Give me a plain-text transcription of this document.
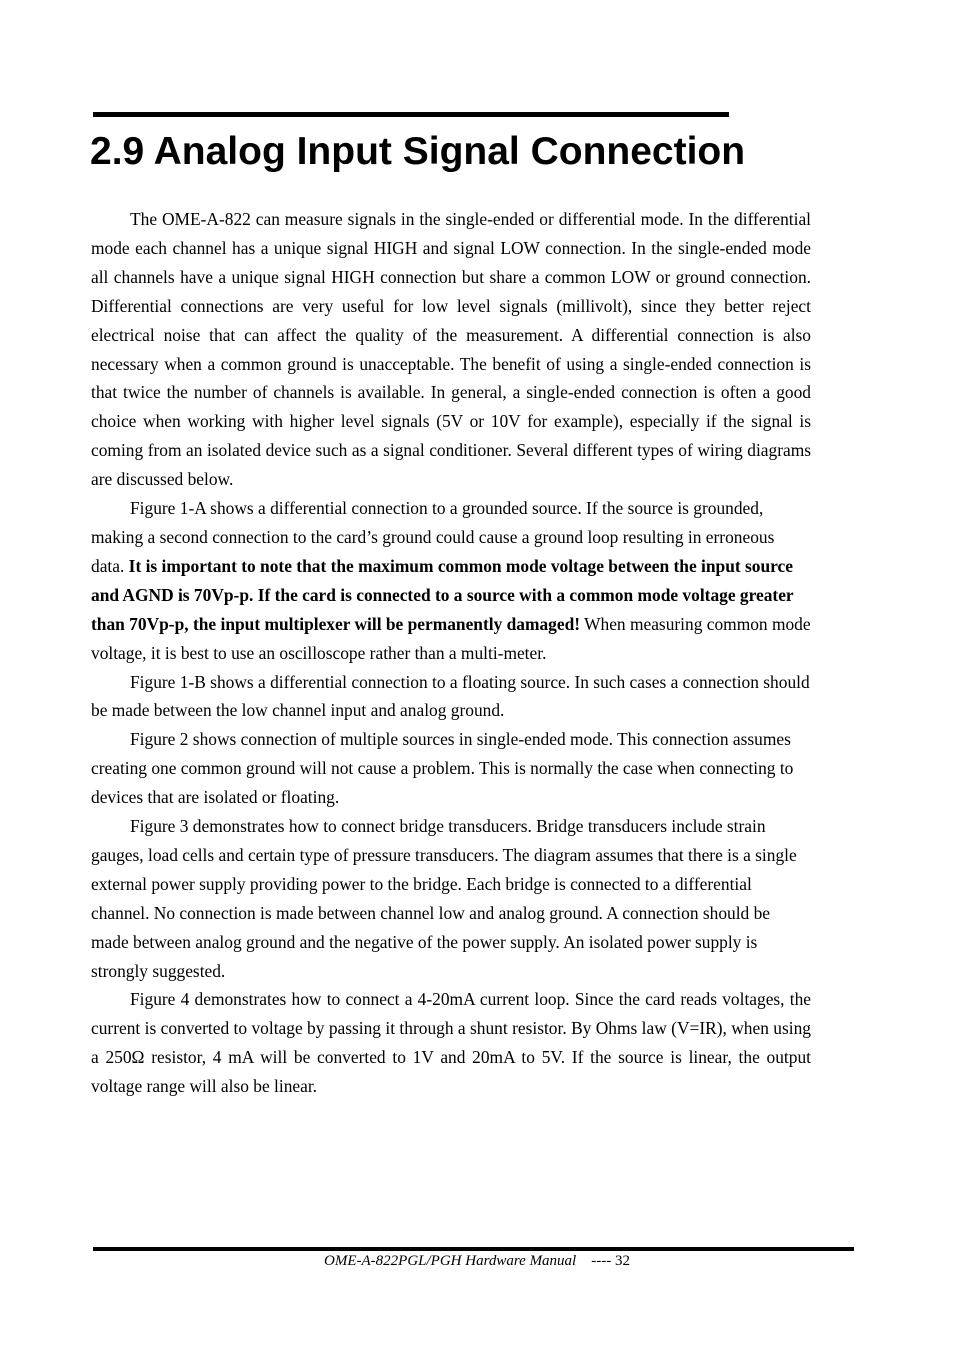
2.9 Analog Input Signal Connection

The OME-A-822 can measure signals in the single-ended or differential mode. In the differential mode each channel has a unique signal HIGH and signal LOW connection. In the single-ended mode all channels have a unique signal HIGH connection but share a common LOW or ground connection. Differential connections are very useful for low level signals (millivolt), since they better reject electrical noise that can affect the quality of the measurement. A differential connection is also necessary when a common ground is unacceptable. The benefit of using a single-ended connection is that twice the number of channels is available. In general, a single-ended connection is often a good choice when working with higher level signals (5V or 10V for example), especially if the signal is coming from an isolated device such as a signal conditioner. Several different types of wiring diagrams are discussed below.

Figure 1-A shows a differential connection to a grounded source. If the source is grounded, making a second connection to the card’s ground could cause a ground loop resulting in erroneous data. It is important to note that the maximum common mode voltage between the input source and AGND is 70Vp-p. If the card is connected to a source with a common mode voltage greater than 70Vp-p, the input multiplexer will be permanently damaged! When measuring common mode voltage, it is best to use an oscilloscope rather than a multi-meter.

Figure 1-B shows a differential connection to a floating source. In such cases a connection should be made between the low channel input and analog ground.

Figure 2 shows connection of multiple sources in single-ended mode. This connection assumes creating one common ground will not cause a problem. This is normally the case when connecting to devices that are isolated or floating.

Figure 3 demonstrates how to connect bridge transducers. Bridge transducers include strain gauges, load cells and certain type of pressure transducers. The diagram assumes that there is a single external power supply providing power to the bridge. Each bridge is connected to a differential channel. No connection is made between channel low and analog ground. A connection should be made between analog ground and the negative of the power supply. An isolated power supply is strongly suggested.

Figure 4 demonstrates how to connect a 4-20mA current loop. Since the card reads voltages, the current is converted to voltage by passing it through a shunt resistor. By Ohms law (V=IR), when using a 250Ω resistor, 4 mA will be converted to 1V and 20mA to 5V. If the source is linear, the output voltage range will also be linear.

OME-A-822PGL/PGH Hardware Manual    ---- 32
